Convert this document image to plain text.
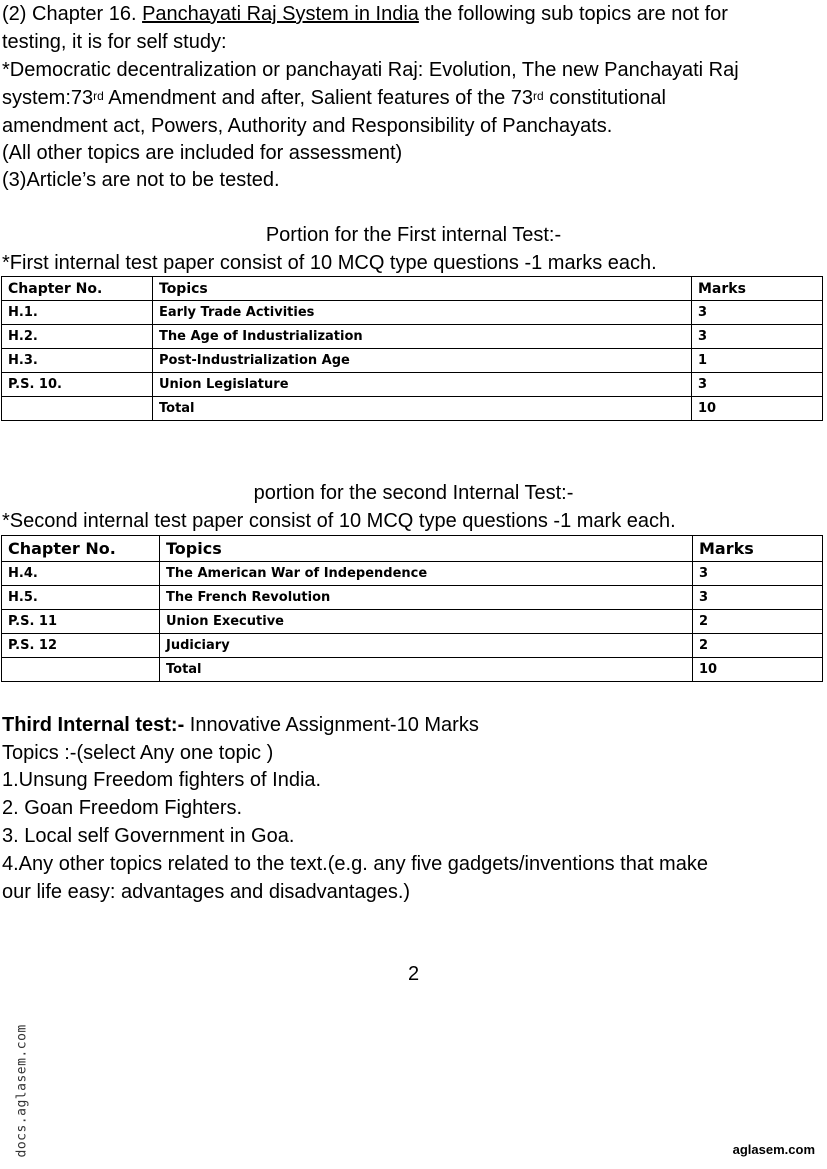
(2) Chapter 16. Panchayati Raj System in India the following sub topics are not for
testing, it is for self study:
*Democratic decentralization or panchayati Raj: Evolution, The new Panchayati Raj
system:73rd Amendment and after, Salient features of the 73rd constitutional
amendment act, Powers, Authority and Responsibility of Panchayats.
(All other topics are included for assessment)
(3)Article’s are not to be tested.
Portion for the First internal Test:-
*First internal test paper consist of 10 MCQ type questions -1 marks each.
Chapter No.	Topics	Marks
H.1.	Early Trade Activities	3
H.2.	The Age of Industrialization	3
H.3.	Post-Industrialization Age	1
P.S. 10.	Union Legislature	3
	Total	10
portion for the second Internal Test:-
*Second internal test paper consist of 10 MCQ type questions -1 mark each.
Chapter No.	Topics	Marks
H.4.	The American War of Independence	3
H.5.	The French Revolution	3
P.S. 11	Union Executive	2
P.S. 12	Judiciary	2
	Total	10
Third Internal test:- Innovative Assignment-10 Marks
Topics :-(select Any one topic )
1.Unsung Freedom fighters of India.
2. Goan Freedom Fighters.
3. Local self Government in Goa.
4.Any other topics related to the text.(e.g. any five gadgets/inventions that make
our life easy: advantages and disadvantages.)
2
docs.aglasem.com	aglasem.com
